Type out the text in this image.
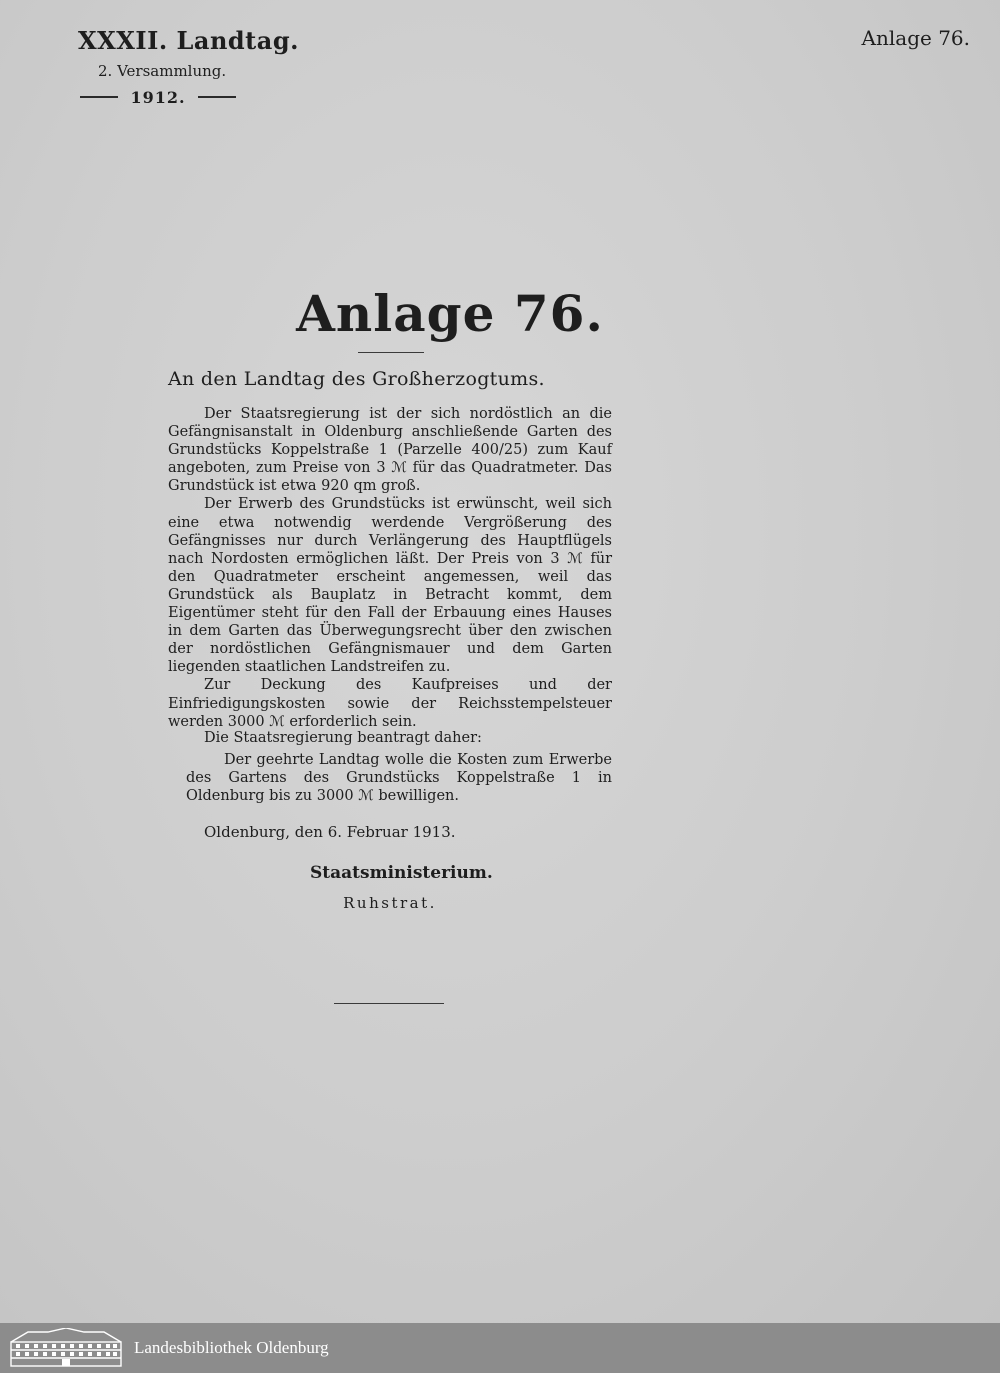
XXXII. Landtag.
2. Versammlung.
1912.
Anlage 76.
Anlage 76.
An den Landtag des Großherzogtums.

Der Staatsregierung ist der sich nordöstlich an die Gefängnisanstalt in Oldenburg anschließende Garten des Grundstücks Koppelstraße 1 (Parzelle 400/25) zum Kauf angeboten, zum Preise von 3 ℳ für das Quadratmeter. Das Grundstück ist etwa 920 qm groß.

Der Erwerb des Grundstücks ist erwünscht, weil sich eine etwa notwendig werdende Vergrößerung des Gefängnisses nur durch Verlängerung des Hauptflügels nach Nordosten ermöglichen läßt. Der Preis von 3 ℳ für den Quadratmeter erscheint angemessen, weil das Grundstück als Bauplatz in Betracht kommt, dem Eigentümer steht für den Fall der Erbauung eines Hauses in dem Garten das Überwegungsrecht über den zwischen der nordöstlichen Gefängnismauer und dem Garten liegenden staatlichen Landstreifen zu.

Zur Deckung des Kaufpreises und der Einfriedigungskosten sowie der Reichsstempelsteuer werden 3000 ℳ erforderlich sein.

Die Staatsregierung beantragt daher:

Der geehrte Landtag wolle die Kosten zum Erwerbe des Gartens des Grundstücks Koppelstraße 1 in Oldenburg bis zu 3000 ℳ bewilligen.

Oldenburg, den 6. Februar 1913.
Staatsministerium.
Ruhstrat.
Landesbibliothek Oldenburg
